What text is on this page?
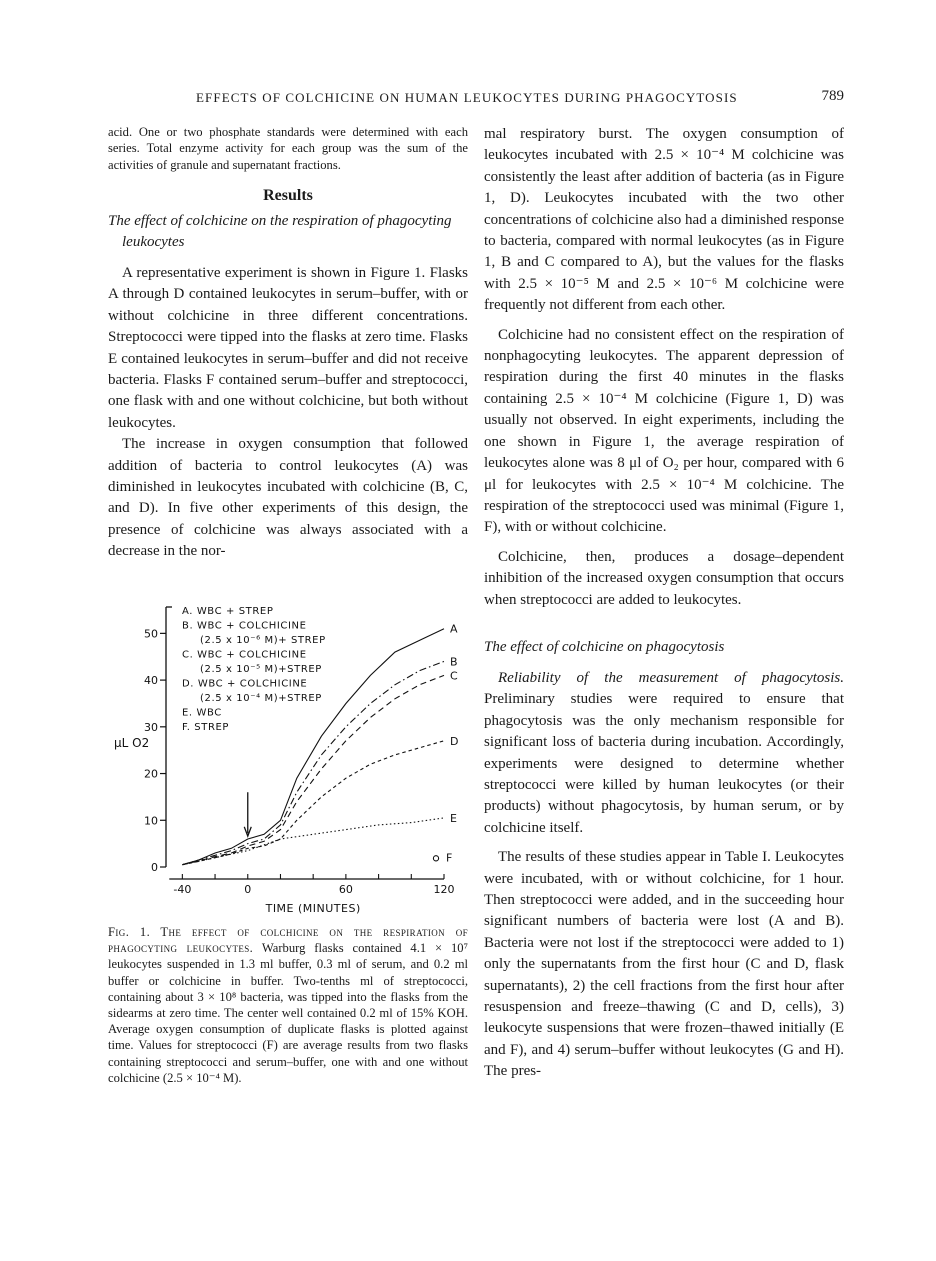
EFFECTS OF COLCHICINE ON HUMAN LEUKOCYTES DURING PHAGOCYTOSIS	789

acid. One or two phosphate standards were determined with each series. Total enzyme activity for each group was the sum of the activities of granule and supernatant fractions.

Results
The effect of colchicine on the respiration of phagocyting leukocytes

A representative experiment is shown in Figure 1. Flasks A through D contained leukocytes in serum–buffer, with or without colchicine in three different concentrations. Streptococci were tipped into the flasks at zero time. Flasks E contained leukocytes in serum–buffer and did not receive bacteria. Flasks F contained serum–buffer and streptococci, one flask with and one without colchicine, but both without leukocytes.

The increase in oxygen consumption that followed addition of bacteria to control leukocytes (A) was diminished in leukocytes incubated with colchicine (B, C, and D). In five other experiments of this design, the presence of colchicine was always associated with a decrease in the nor-

0
10
20
30
40
50
-40	0	60	120
A. WBC + STREP
B. WBC + COLCHICINE
(2.5 x 10⁻⁶ M)+ STREP
C. WBC + COLCHICINE
(2.5 x 10⁻⁵ M)+STREP
D. WBC + COLCHICINE
(2.5 x 10⁻⁴ M)+STREP
E. WBC
F. STREP
A
B
C
D
E
F
TIME (MINUTES)
μL O2
Fig. 1. The effect of colchicine on the respiration of phagocyting leukocytes. Warburg flasks contained 4.1 × 10⁷ leukocytes suspended in 1.3 ml buffer, 0.3 ml of serum, and 0.2 ml buffer or colchicine in buffer. Two-tenths ml of streptococci, containing about 3 × 10⁸ bacteria, was tipped into the flasks from the sidearms at zero time. The center well contained 0.2 ml of 15% KOH. Average oxygen consumption of duplicate flasks is plotted against time. Values for streptococci (F) are average results from two flasks containing streptococci and serum–buffer, one with and one without colchicine (2.5 × 10⁻⁴ M).

mal respiratory burst. The oxygen consumption of leukocytes incubated with 2.5 × 10⁻⁴ M colchicine was consistently the least after addition of bacteria (as in Figure 1, D). Leukocytes incubated with the two other concentrations of colchicine also had a diminished response to bacteria, compared with normal leukocytes (as in Figure 1, B and C compared to A), but the values for the flasks with 2.5 × 10⁻⁵ M and 2.5 × 10⁻⁶ M colchicine were frequently not different from each other.

Colchicine had no consistent effect on the respiration of nonphagocyting leukocytes. The apparent depression of respiration during the first 40 minutes in the flasks containing 2.5 × 10⁻⁴ M colchicine (Figure 1, D) was usually not observed. In eight experiments, including the one shown in Figure 1, the average respiration of leukocytes alone was 8 μl of O₂ per hour, compared with 6 μl for leukocytes with 2.5 × 10⁻⁴ M colchicine. The respiration of the streptococci used was minimal (Figure 1, F), with or without colchicine.

Colchicine, then, produces a dosage–dependent inhibition of the increased oxygen consumption that occurs when streptococci are added to leukocytes.

The effect of colchicine on phagocytosis

Reliability of the measurement of phagocytosis. Preliminary studies were required to ensure that phagocytosis was the only mechanism responsible for significant loss of bacteria during incubation. Accordingly, experiments were designed to determine whether streptococci were killed by human leukocytes (or their products) without phagocytosis, by human serum, or by colchicine itself.

The results of these studies appear in Table I. Leukocytes were incubated, with or without colchicine, for 1 hour. Then streptococci were added, and in the succeeding hour significant numbers of bacteria were lost (A and B). Bacteria were not lost if the streptococci were added to 1) only the supernatants from the first hour (C and D, flask supernatants), 2) the cell fractions from the first hour after resuspension and freeze–thawing (C and D, cells), 3) leukocyte suspensions that were frozen–thawed initially (E and F), and 4) serum–buffer without leukocytes (G and H). The pres-
